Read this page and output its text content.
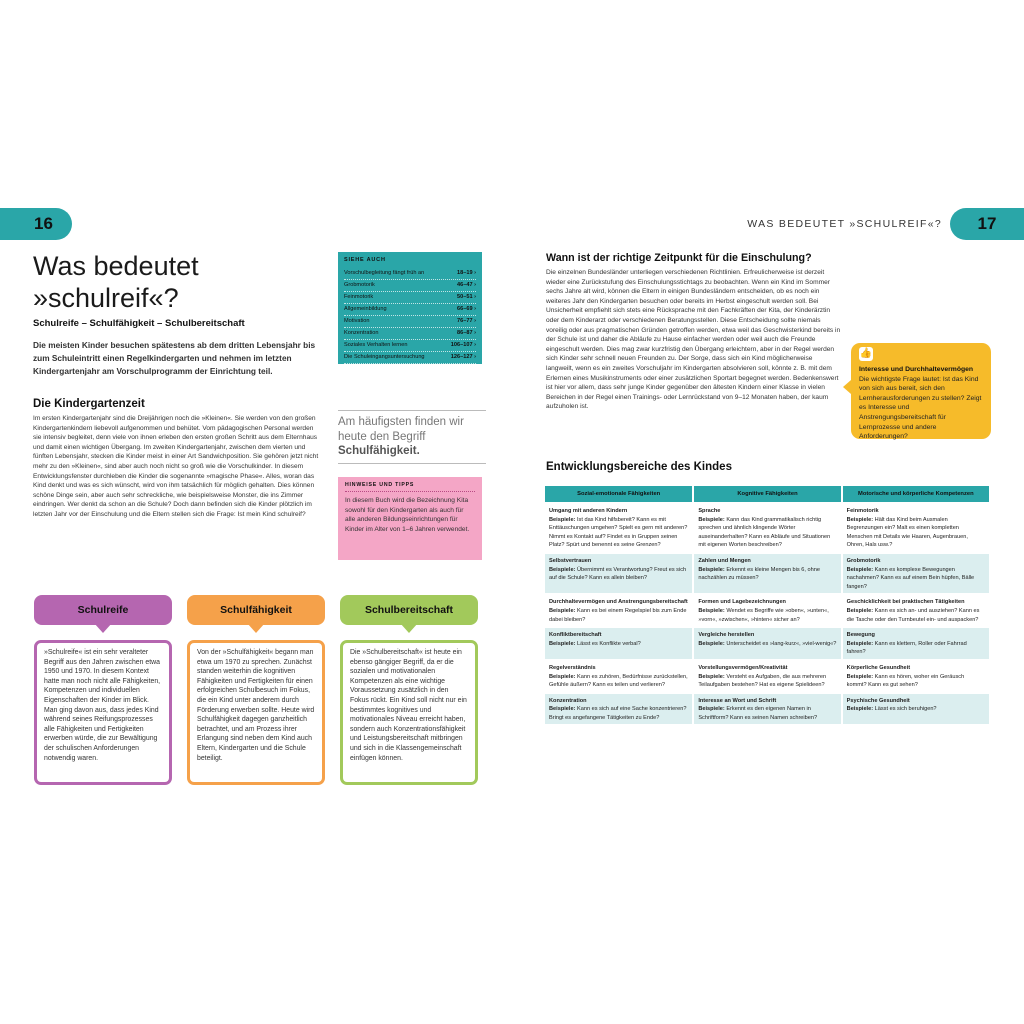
16	WAS BEDEUTET »SCHULREIF«?	17
Was bedeutet
»schulreif«?
Schulreife – Schulfähigkeit – Schulbereitschaft
Die meisten Kinder besuchen spätestens ab dem dritten Lebensjahr bis zum Schuleintritt einen Regelkindergarten und nehmen im letzten Kindergartenjahr am Vorschulprogramm der Einrichtung teil.
Die Kindergartenzeit
Im ersten Kindergartenjahr sind die Dreijährigen noch die »Kleinen«. Sie werden von den großen Kindergartenkindern liebevoll aufgenommen und behütet. Vom pädagogischen Personal werden sie intensiv begleitet, denn viele von ihnen erleben den ersten großen Schritt aus dem Elternhaus und damit einen wichtigen Übergang. Im zweiten Kindergartenjahr, zwischen dem vierten und fünften Lebensjahr, stecken die Kinder meist in einer Art Sandwichposition. Sie gehören jetzt nicht mehr zu den »Kleinen«, sind aber auch noch nicht so groß wie die Vorschulkinder. In diesem Entwicklungsfenster durchleben die Kinder die sogenannte »magische Phase«. Alles, woran das Kind denkt und was es sich wünscht, wird von ihm tatsächlich für möglich gehalten. Dies können schöne Dinge sein, aber auch sehr schreckliche, wie beispielsweise Monster, die ins Zimmer eindringen. Wer denkt da schon an die Schule? Doch dann befinden sich die Kinder plötzlich im letzten Jahr vor der Einschulung und die Eltern stellen sich die Frage: Ist mein Kind schulreif?
SIEHE AUCH
Vorschulbegleitung fängt früh an	18–19 ›
Grobmotorik	46–47 ›
Feinmotorik	50–51 ›
Allgemeinbildung	66–69 ›
Motivation	76–77 ›
Konzentration	86–87 ›
Soziales Verhalten lernen	106–107 ›
Die Schuleingangsuntersuchung	126–127 ›
Am häufigsten finden wir heute den Begriff Schulfähigkeit.
HINWEISE UND TIPPS
In diesem Buch wird die Bezeichnung Kita sowohl für den Kindergarten als auch für alle anderen Bildungseinrichtungen für Kinder im Alter von 1–6 Jahren verwendet.
Schulreife
»Schulreife« ist ein sehr veralteter Begriff aus den Jahren zwischen etwa 1950 und 1970. In diesem Kontext hatte man noch nicht alle Fähigkeiten, Kompetenzen und individuellen Eigenschaften der Kinder im Blick. Man ging davon aus, dass jedes Kind während seines Reifungsprozesses alle Fähigkeiten und Fertigkeiten erwerben würde, die zur Bewältigung der schulischen Anforderungen notwendig waren.
Schulfähigkeit
Von der »Schulfähigkeit« begann man etwa um 1970 zu sprechen. Zunächst standen weiterhin die kognitiven Fähigkeiten und Fertigkeiten für einen erfolgreichen Schulbesuch im Fokus, die ein Kind unter anderem durch Förderung erwerben sollte. Heute wird Schulfähigkeit dagegen ganzheitlich betrachtet, und am Prozess ihrer Erlangung sind neben dem Kind auch Eltern, Kindergarten und die Schule beteiligt.
Schulbereitschaft
Die »Schulbereitschaft« ist heute ein ebenso gängiger Begriff, da er die sozialen und motivationalen Kompetenzen als eine wichtige Voraussetzung zusätzlich in den Fokus rückt. Ein Kind soll nicht nur ein bestimmtes kognitives und motivationales Niveau erreicht haben, sondern auch Konzentrationsfähigkeit und Leistungsbereitschaft mitbringen und sich in die Klassengemeinschaft einfügen können.
Wann ist der richtige Zeitpunkt für die Einschulung?
Die einzelnen Bundesländer unterliegen verschiedenen Richtlinien. Erfreulicherweise ist derzeit wieder eine Zurückstufung des Einschulungsstichtags zu beobachten. Wenn ein Kind im Sommer sechs Jahre alt wird, können die Eltern in einigen Bundesländern entscheiden, ob es noch ein weiteres Jahr den Kindergarten besuchen oder bereits im Herbst eingeschult werden soll. Bei Unsicherheit empfiehlt sich stets eine Rücksprache mit den Fachkräften der Kita, der Kinderärztin oder dem Kinderarzt oder verschiedenen Beratungsstellen. Diese Entscheidung sollte niemals voreilig oder aus pragmatischen Gründen getroffen werden, etwa weil das Geschwisterkind bereits in der Schule ist und daher die Abläufe zu Hause einfacher werden oder weil auch die Freunde eingeschult werden. Dies mag zwar kurzfristig den Übergang erleichtern, aber in der Regel werden sich Kinder sehr schnell neuen Freunden zu. Der Sorge, dass sich ein Kind möglicherweise langweilt, wenn es ein zweites Vorschuljahr im Kindergarten absolvieren soll, könnte z. B. mit dem Erlernen eines Musikinstruments oder einer zusätzlichen Sportart begegnet werden. Bedenkenswert ist hier vor allem, dass sehr junge Kinder gegenüber den ältesten Kindern einer Klasse in vielen Bereichen in der Regel einen Trainings- oder Lernrückstand von 9–12 Monaten haben, der kaum aufzuholen ist.
👍
Interesse und Durchhaltevermögen
Die wichtigste Frage lautet: Ist das Kind von sich aus bereit, sich den Lernherausforderungen zu stellen? Zeigt es Interesse und Anstrengungsbereitschaft für Lernprozesse und andere Anforderungen?
Entwicklungsbereiche des Kindes
Sozial-emotionale Fähigkeiten	Kognitive Fähigkeiten	Motorische und körperliche Kompetenzen

Umgang mit anderen Kindern
Beispiele: Ist das Kind hilfsbereit? Kann es mit Enttäuschungen umgehen? Spielt es gern mit anderen? Nimmt es Kontakt auf? Findet es in Gruppen seinen Platz? Spürt und benennt es seine Grenzen?	Sprache
Beispiele: Kann das Kind grammatikalisch richtig sprechen und ähnlich klingende Wörter auseinanderhalten? Kann es Abläufe und Situationen mit eigenen Worten beschreiben?	Feinmotorik
Beispiele: Hält das Kind beim Ausmalen Begrenzungen ein? Malt es einen kompletten Menschen mit Details wie Haaren, Augenbrauen, Ohren, Hals usw.?

Selbstvertrauen
Beispiele: Übernimmt es Verantwortung? Freut es sich auf die Schule? Kann es allein bleiben?	Zahlen und Mengen
Beispiele: Erkennt es kleine Mengen bis 6, ohne nachzählen zu müssen?	Grobmotorik
Beispiele: Kann es komplexe Bewegungen nachahmen? Kann es auf einem Bein hüpfen, Bälle fangen?

Durchhaltevermögen und Anstrengungsbereitschaft
Beispiele: Kann es bei einem Regelspiel bis zum Ende dabei bleiben?	Formen und Lagebezeichnungen
Beispiele: Wendet es Begriffe wie »oben«, »unten«, »vorn«, »zwischen«, »hinten« sicher an?	Geschicklichkeit bei praktischen Tätigkeiten
Beispiele: Kann es sich an- und ausziehen? Kann es die Tasche oder den Turnbeutel ein- und auspacken?

Konfliktbereitschaft
Beispiele: Lässt es Konflikte verbal?	Vergleiche herstellen
Beispiele: Unterscheidet es »lang-kurz«, »viel-wenig«?	Bewegung
Beispiele: Kann es klettern, Roller oder Fahrrad fahren?

Regelverständnis
Beispiele: Kann es zuhören, Bedürfnisse zurückstellen, Gefühle äußern? Kann es teilen und verlieren?	Vorstellungsvermögen/Kreativität
Beispiele: Versteht es Aufgaben, die aus mehreren Teilaufgaben bestehen? Hat es eigene Spielideen?	Körperliche Gesundheit
Beispiele: Kann es hören, woher ein Geräusch kommt? Kann es gut sehen?

Konzentration
Beispiele: Kann es sich auf eine Sache konzentrieren? Bringt es angefangene Tätigkeiten zu Ende?	Interesse an Wort und Schrift
Beispiele: Erkennt es den eigenen Namen in Schriftform? Kann es seinen Namen schreiben?	Psychische Gesundheit
Beispiele: Lässt es sich beruhigen?
